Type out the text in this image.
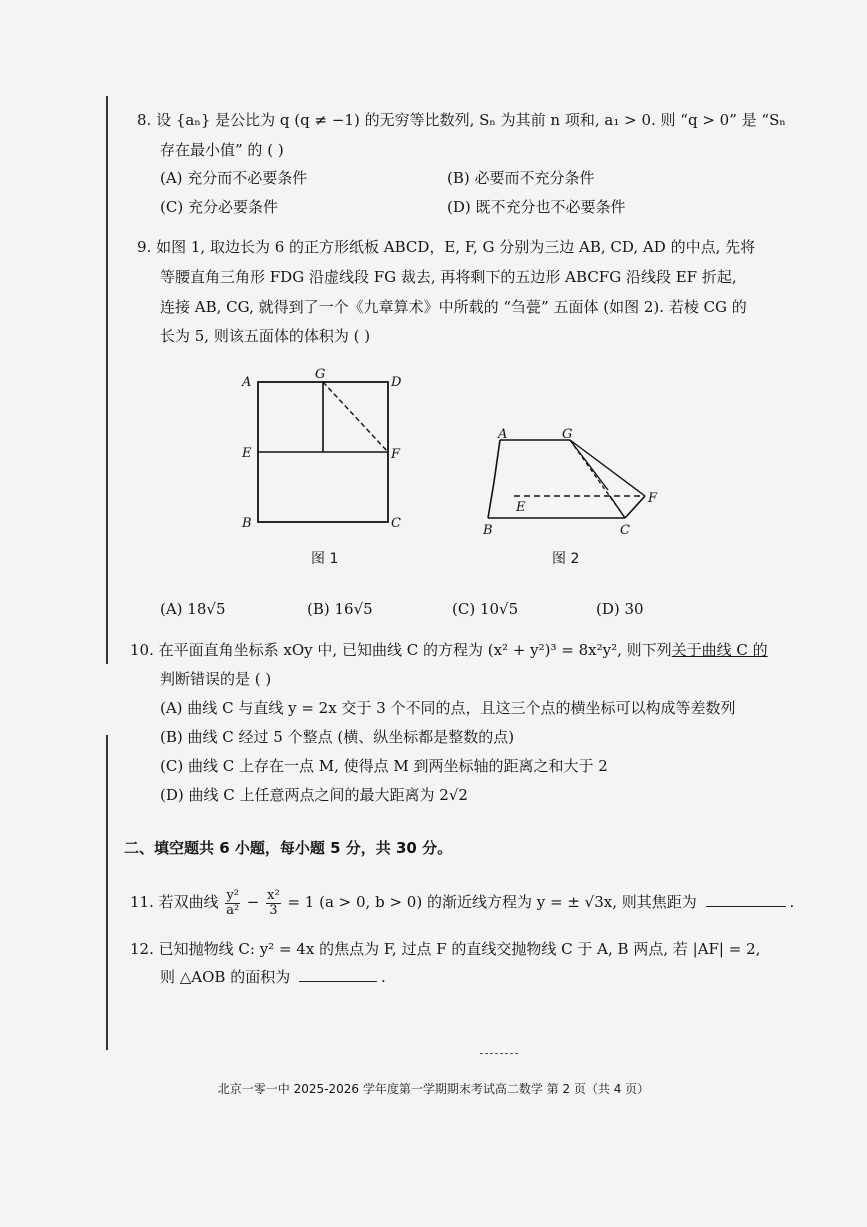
8. 设 {aₙ} 是公比为 q (q ≠ −1) 的无穷等比数列, Sₙ 为其前 n 项和, a₁ > 0. 则 “q > 0” 是 “Sₙ
存在最小值” 的 ( )
(A) 充分而不必要条件	(B) 必要而不充分条件
(C) 充分必要条件	(D) 既不充分也不必要条件
9. 如图 1, 取边长为 6 的正方形纸板 ABCD，E, F, G 分别为三边 AB, CD, AD 的中点, 先将
等腰直角三角形 FDG 沿虚线段 FG 裁去, 再将剩下的五边形 ABCFG 沿线段 EF 折起,
连接 AB, CG, 就得到了一个《九章算术》中所载的 “刍甍” 五面体 (如图 2). 若棱 CG 的
长为 5, 则该五面体的体积为 ( )
A
G
D
E	F
B	C
图 1
A	G
E
F
B	C
图 2
(A) 18√5	(B) 16√5	(C) 10√5	(D) 30
10. 在平面直角坐标系 xOy 中, 已知曲线 C 的方程为 (x² + y²)³ = 8x²y², 则下列关于曲线 C 的
判断错误的是 ( )
(A) 曲线 C 与直线 y = 2x 交于 3 个不同的点，且这三个点的横坐标可以构成等差数列
(B) 曲线 C 经过 5 个整点 (横、纵坐标都是整数的点)
(C) 曲线 C 上存在一点 M, 使得点 M 到两坐标轴的距离之和大于 2
(D) 曲线 C 上任意两点之间的最大距离为 2√2
二、填空题共 6 小题，每小题 5 分，共 30 分。
11. 若双曲线 $\frac{\text{y²}}{\text{a²}} - \frac{\text{x²}}{3} = 1$ (a > 0, b > 0) 的渐近线方程为 y = ± √3x, 则其焦距为	.
12. 已知抛物线 C: y² = 4x 的焦点为 F, 过点 F 的直线交抛物线 C 于 A, B 两点, 若 |AF| = 2,
则 △AOB 的面积为	.
北京一零一中 2025-2026 学年度第一学期期末考试高二数学 第 2 页（共 4 页）
